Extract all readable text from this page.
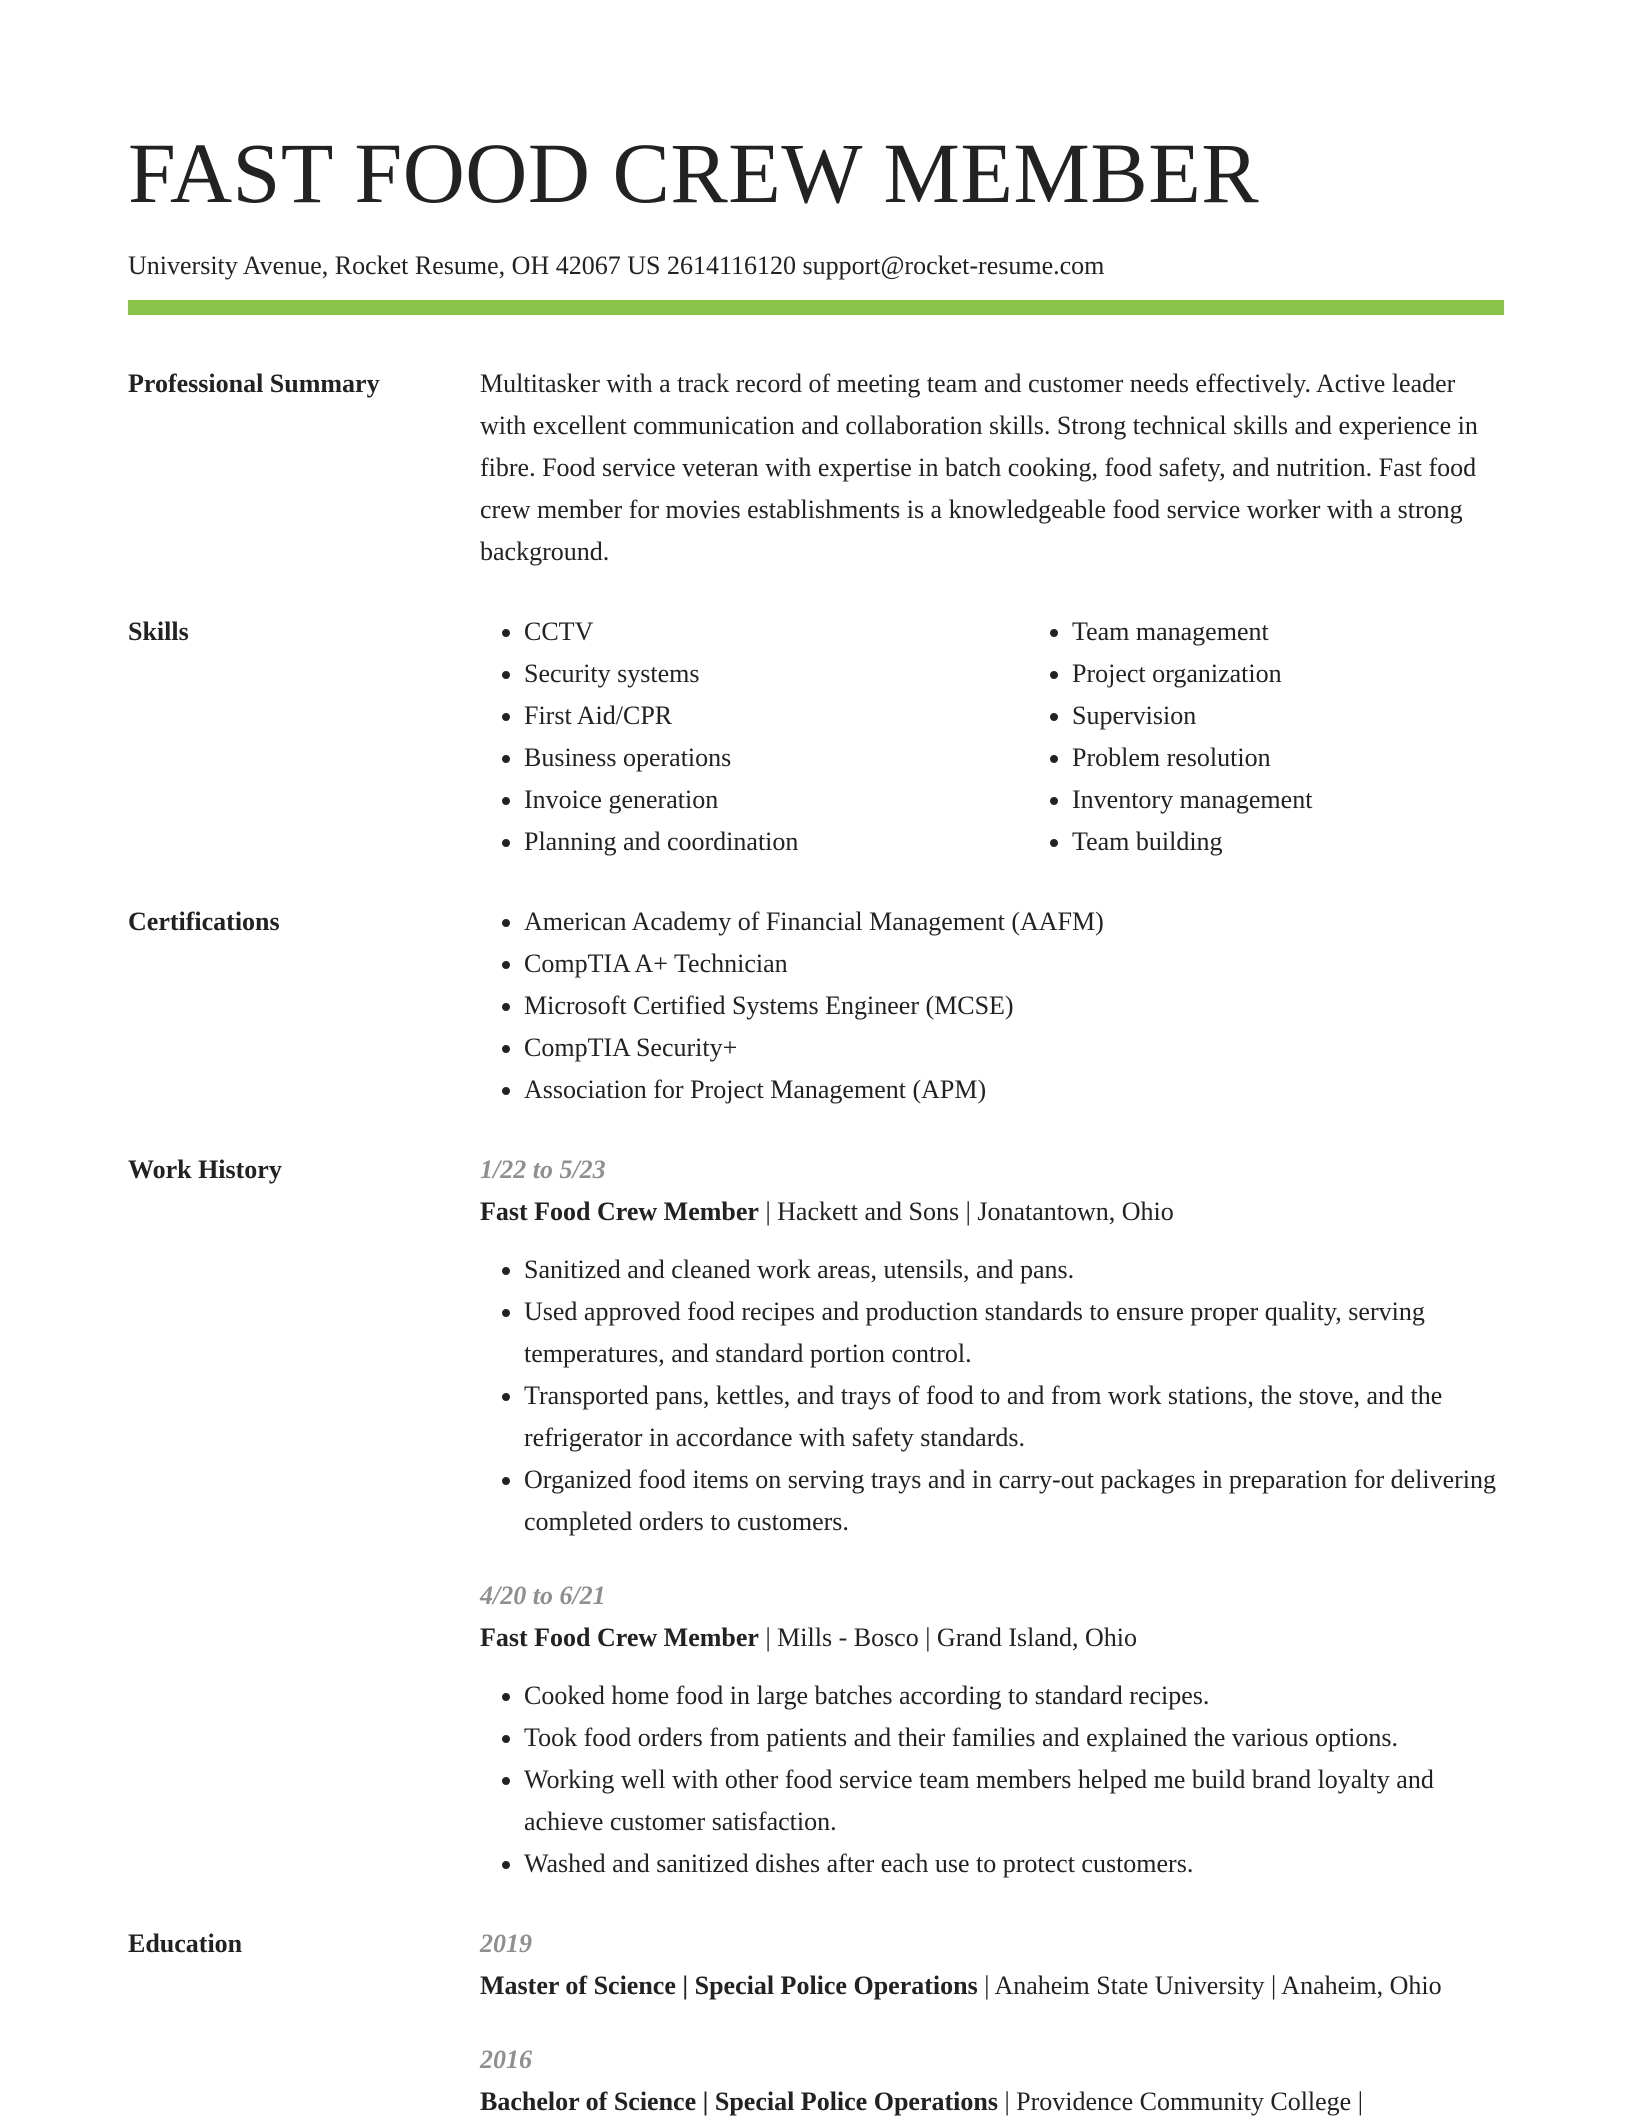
FAST FOOD CREW MEMBER
University Avenue, Rocket Resume, OH 42067 US 2614116120 support@rocket-resume.com
Professional Summary	Multitasker with a track record of meeting team and customer needs effectively. Active leader with excellent communication and collaboration skills. Strong technical skills and experience in fibre. Food service veteran with expertise in batch cooking, food safety, and nutrition. Fast food crew member for movies establishments is a knowledgeable food service worker with a strong background.

Skills	• CCTV
• Security systems
• First Aid/CPR
• Business operations
• Invoice generation
• Planning and coordination
• Team management
• Project organization
• Supervision
• Problem resolution
• Inventory management
• Team building
Certifications	• American Academy of Financial Management (AAFM)
• CompTIA A+ Technician
• Microsoft Certified Systems Engineer (MCSE)
• CompTIA Security+
• Association for Project Management (APM)
Work History	1/22 to 5/23
Fast Food Crew Member | Hackett and Sons | Jonatantown, Ohio
• Sanitized and cleaned work areas, utensils, and pans.
• Used approved food recipes and production standards to ensure proper quality, serving temperatures, and standard portion control.
• Transported pans, kettles, and trays of food to and from work stations, the stove, and the refrigerator in accordance with safety standards.
• Organized food items on serving trays and in carry-out packages in preparation for delivering completed orders to customers.
4/20 to 6/21
Fast Food Crew Member | Mills - Bosco | Grand Island, Ohio
• Cooked home food in large batches according to standard recipes.
• Took food orders from patients and their families and explained the various options.
• Working well with other food service team members helped me build brand loyalty and achieve customer satisfaction.
• Washed and sanitized dishes after each use to protect customers.
Education	2019
Master of Science | Special Police Operations | Anaheim State University | Anaheim, Ohio
2016
Bachelor of Science | Special Police Operations | Providence Community College |
